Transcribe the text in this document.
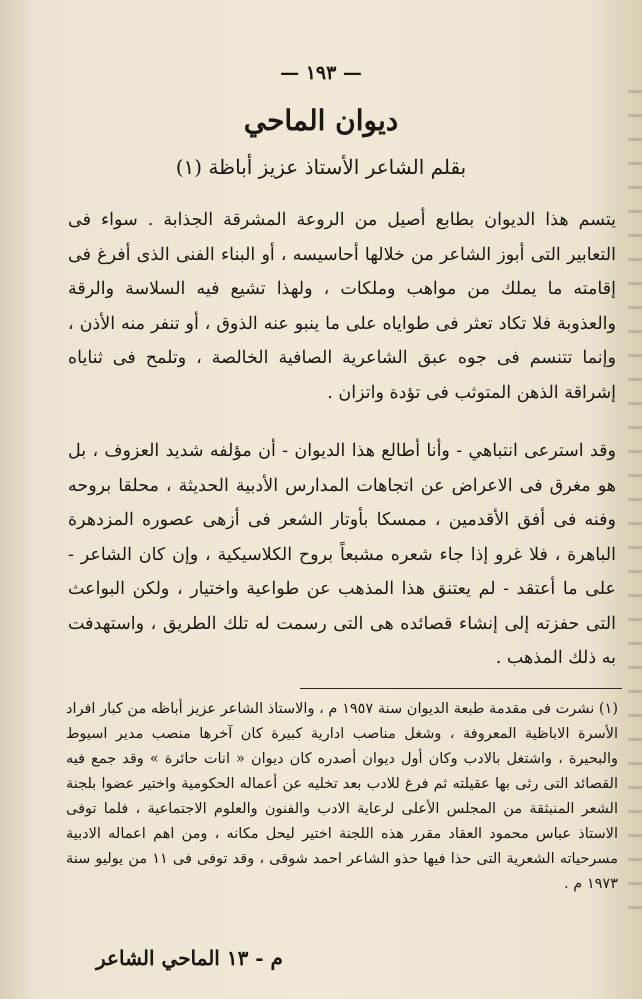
— ١٩٣ —
ديوان الماحي
بقلم الشاعر الأستاذ عزيز أباظة (١)

يتسم هذا الديوان بطابع أصيل من الروعة المشرقة الجذابة . سواء فى التعابير التى أبوز الشاعر من خلالها أحاسيسه ، أو البناء الفنى الذى أفرغ فى إقامته ما يملك من مواهب وملكات ، ولهذا تشيع فيه السلاسة والرقة والعذوبة فلا تكاد تعثر فى طواياه على ما ينبو عنه الذوق ، أو تنفر منه الأذن ، وإنما تتنسم فى جوه عبق الشاعرية الصافية الخالصة ، وتلمح فى ثناياه إشراقة الذهن المتوثب فى تؤدة واتزان .

وقد استرعى انتباهي - وأنا أطالع هذا الديوان - أن مؤلفه شديد العزوف ، بل هو مغرق فى الاعراض عن اتجاهات المدارس الأدبية الحديثة ، محلقا بروحه وفنه فى أفق الأقدمين ، ممسكا بأوتار الشعر فى أزهى عصوره المزدهرة الباهرة ، فلا غرو إذا جاء شعره مشبعاً بروح الكلاسيكية ، وإن كان الشاعر - على ما أعتقد - لم يعتنق هذا المذهب عن طواعية واختيار ، ولكن البواعث التى حفزته إلى إنشاء قصائده هى التى رسمت له تلك الطريق ، واستهدفت به ذلك المذهب .

(١) نشرت فى مقدمة طبعة الديوان سنة ١٩٥٧ م ، والاستاذ الشاعر عزيز أباظه من كبار افراد الأسرة الاباظية المعروفة ، وشغل مناصب ادارية كبيرة كان آخرها منصب مدير اسيوط والبحيرة ، واشتغل بالادب وكان أول ديوان أصدره كان ديوان « انات حائرة » وقد جمع فيه القصائد التى رثى بها عقيلته ثم فرغ للادب بعد تخليه عن أعماله الحكومية واختير عضوا بلجنة الشعر المنبثقة من المجلس الأعلى لرعاية الادب والفنون والعلوم الاجتماعية ، فلما توفى الاستاذ عباس محمود العقاد مقرر هذه اللجنة اختير ليحل مكانه ، ومن اهم اعماله الادبية مسرحياته الشعرية التى حذا فيها حذو الشاعر احمد شوقى ، وقد توفى فى ١١ من يوليو سنة ١٩٧٣ م .
م - ١٣ الماحي الشاعر
